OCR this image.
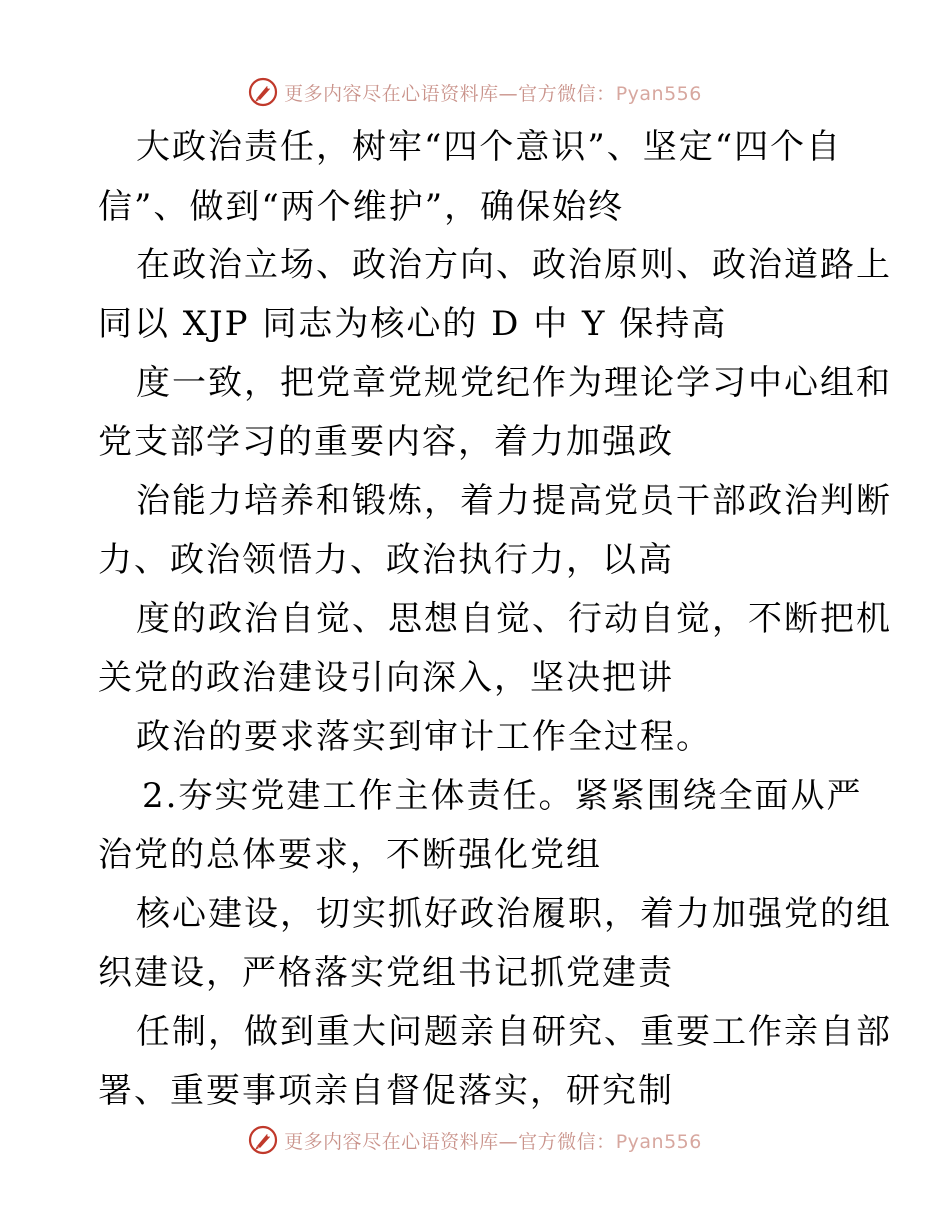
更多内容尽在心语资料库—官方微信：Pyan556
大政治责任，树牢“四个意识”、坚定“四个自
信”、做到“两个维护”，确保始终
在政治立场、政治方向、政治原则、政治道路上
同以 XJP 同志为核心的 D 中 Y 保持高
度一致，把党章党规党纪作为理论学习中心组和
党支部学习的重要内容，着力加强政
治能力培养和锻炼，着力提高党员干部政治判断
力、政治领悟力、政治执行力，以高
度的政治自觉、思想自觉、行动自觉，不断把机
关党的政治建设引向深入，坚决把讲
政治的要求落实到审计工作全过程。
2.夯实党建工作主体责任。紧紧围绕全面从严
治党的总体要求，不断强化党组
核心建设，切实抓好政治履职，着力加强党的组
织建设，严格落实党组书记抓党建责
任制，做到重大问题亲自研究、重要工作亲自部
署、重要事项亲自督促落实，研究制
更多内容尽在心语资料库—官方微信：Pyan556
